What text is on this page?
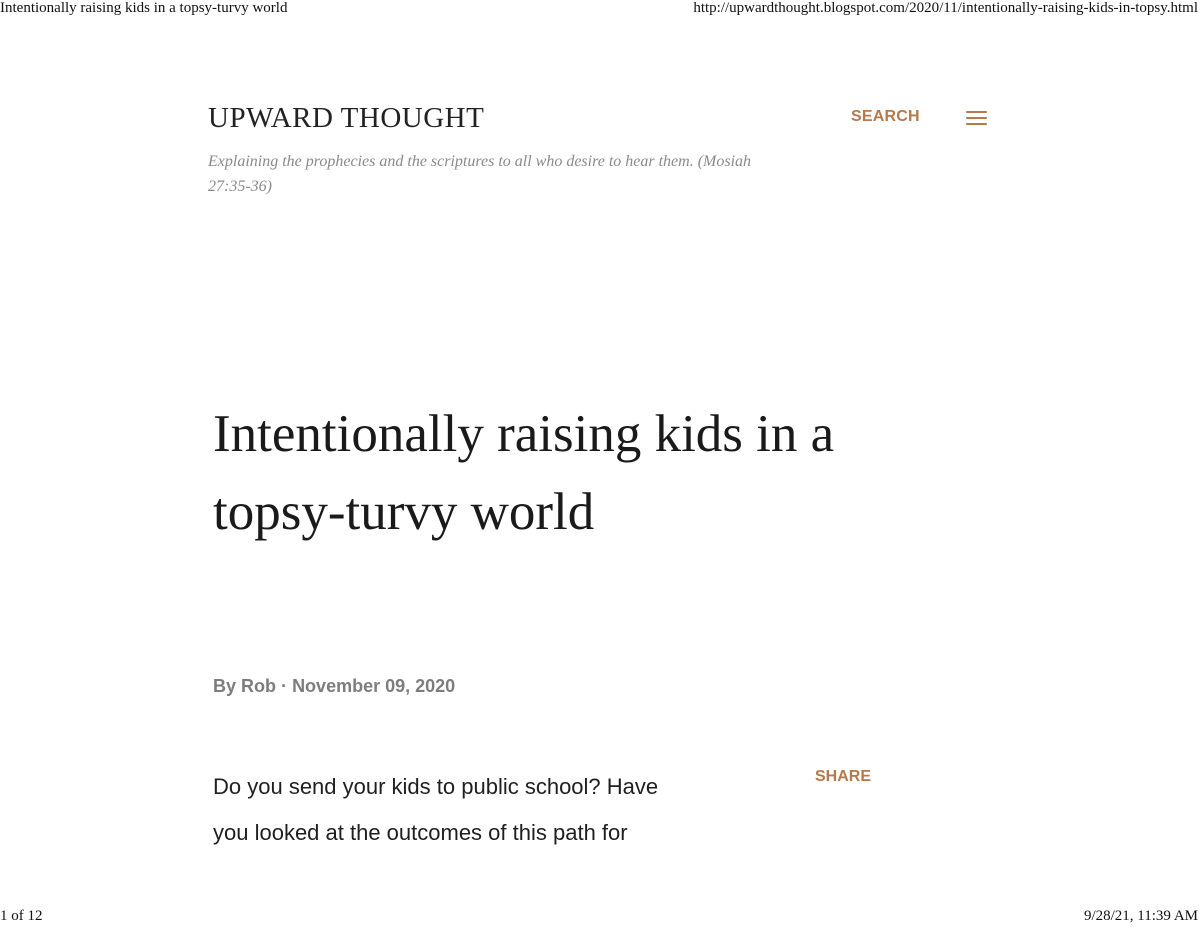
Intentionally raising kids in a topsy-turvy world	http://upwardthought.blogspot.com/2020/11/intentionally-raising-kids-in-topsy.html
UPWARD THOUGHT	SEARCH
Explaining the prophecies and the scriptures to all who desire to hear them. (Mosiah 27:35-36)
Intentionally raising kids in a topsy-turvy world
By Rob · November 09, 2020
Do you send your kids to public school? Have you looked at the outcomes of this path for
SHARE
1 of 12	9/28/21, 11:39 AM
